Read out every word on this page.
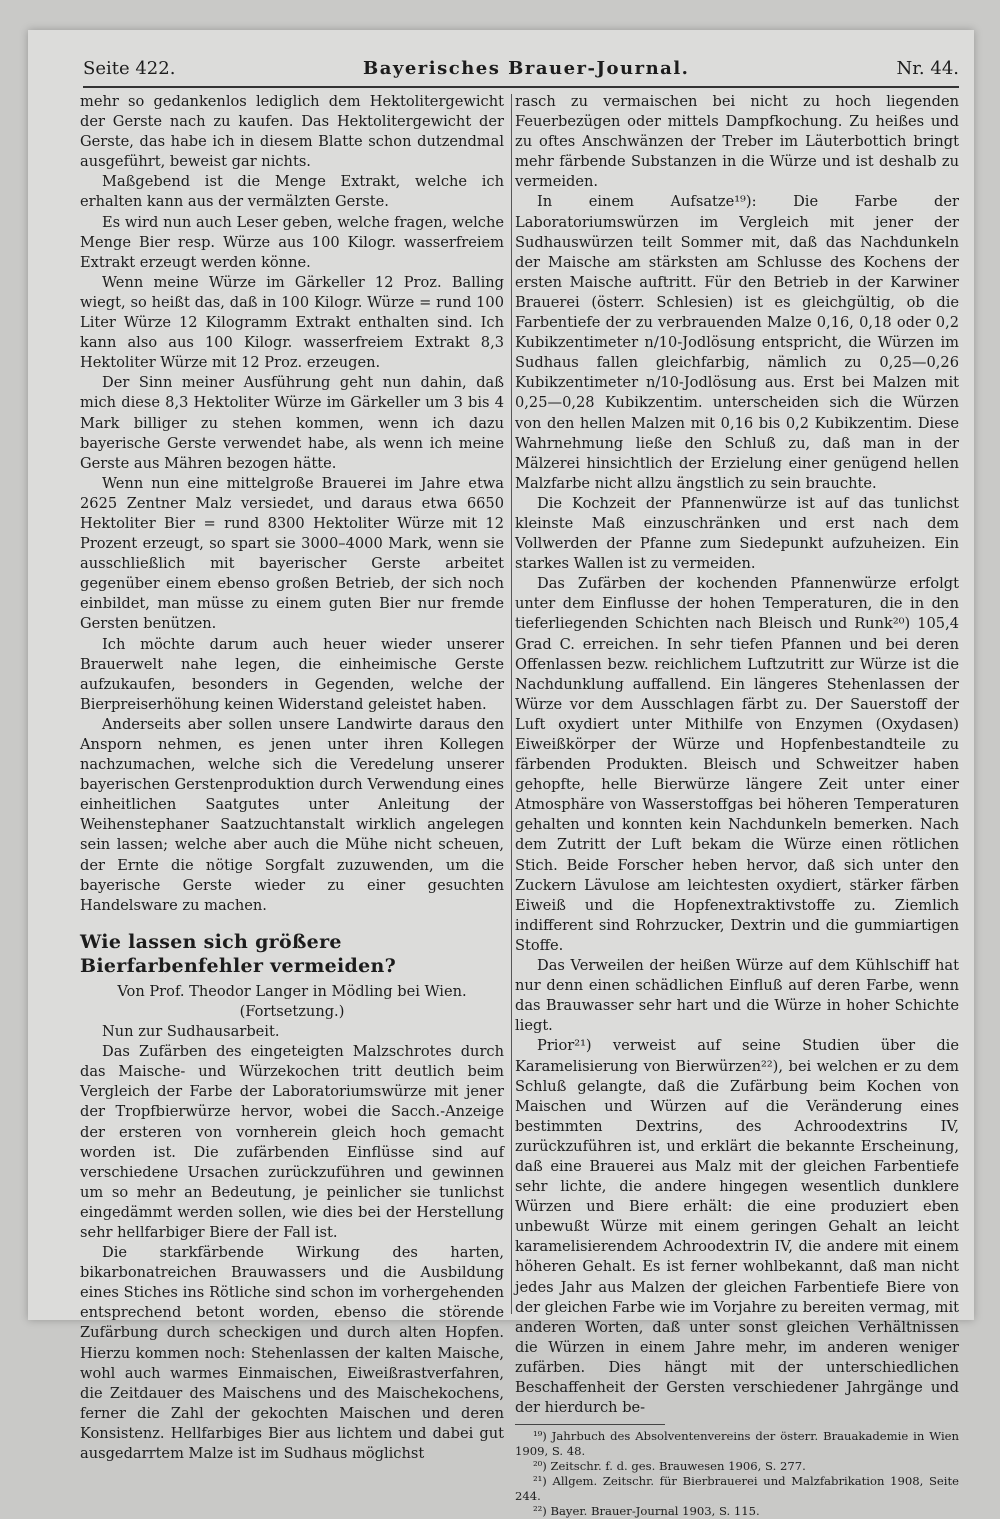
Seite 422.	Bayerisches Brauer-Journal.	Nr. 44.

mehr so gedankenlos lediglich dem Hektolitergewicht der Gerste nach zu kaufen. Das Hektolitergewicht der Gerste, das habe ich in diesem Blatte schon dutzendmal ausgeführt, beweist gar nichts.

Maßgebend ist die Menge Extrakt, welche ich erhalten kann aus der vermälzten Gerste.

Es wird nun auch Leser geben, welche fragen, welche Menge Bier resp. Würze aus 100 Kilogr. wasserfreiem Extrakt erzeugt werden könne.

Wenn meine Würze im Gärkeller 12 Proz. Balling wiegt, so heißt das, daß in 100 Kilogr. Würze = rund 100 Liter Würze 12 Kilogramm Extrakt enthalten sind. Ich kann also aus 100 Kilogr. wasserfreiem Extrakt 8,3 Hektoliter Würze mit 12 Proz. erzeugen.

Der Sinn meiner Ausführung geht nun dahin, daß mich diese 8,3 Hektoliter Würze im Gärkeller um 3 bis 4 Mark billiger zu stehen kommen, wenn ich dazu bayerische Gerste verwendet habe, als wenn ich meine Gerste aus Mähren bezogen hätte.

Wenn nun eine mittelgroße Brauerei im Jahre etwa 2625 Zentner Malz versiedet, und daraus etwa 6650 Hektoliter Bier = rund 8300 Hektoliter Würze mit 12 Prozent erzeugt, so spart sie 3000–4000 Mark, wenn sie ausschließlich mit bayerischer Gerste arbeitet gegenüber einem ebenso großen Betrieb, der sich noch einbildet, man müsse zu einem guten Bier nur fremde Gersten benützen.

Ich möchte darum auch heuer wieder unserer Brauerwelt nahe legen, die einheimische Gerste aufzukaufen, besonders in Gegenden, welche der Bierpreiserhöhung keinen Widerstand geleistet haben.

Anderseits aber sollen unsere Landwirte daraus den Ansporn nehmen, es jenen unter ihren Kollegen nachzumachen, welche sich die Veredelung unserer bayerischen Gerstenproduktion durch Verwendung eines einheitlichen Saatgutes unter Anleitung der Weihenstephaner Saatzuchtanstalt wirklich angelegen sein lassen; welche aber auch die Mühe nicht scheuen, der Ernte die nötige Sorgfalt zuzuwenden, um die bayerische Gerste wieder zu einer gesuchten Handelsware zu machen.

Wie lassen sich größere Bierfarbenfehler vermeiden?

Von Prof. Theodor Langer in Mödling bei Wien.

(Fortsetzung.)

Nun zur Sudhausarbeit.

Das Zufärben des eingeteigten Malzschrotes durch das Maische- und Würzekochen tritt deutlich beim Vergleich der Farbe der Laboratoriumswürze mit jener der Tropfbierwürze hervor, wobei die Sacch.-Anzeige der ersteren von vornherein gleich hoch gemacht worden ist. Die zufärbenden Einflüsse sind auf verschiedene Ursachen zurückzuführen und gewinnen um so mehr an Bedeutung, je peinlicher sie tunlichst eingedämmt werden sollen, wie dies bei der Herstellung sehr hellfarbiger Biere der Fall ist.

Die starkfärbende Wirkung des harten, bikarbonatreichen Brauwassers und die Ausbildung eines Stiches ins Rötliche sind schon im vorhergehenden entsprechend betont worden, ebenso die störende Zufärbung durch scheckigen und durch alten Hopfen. Hierzu kommen noch: Stehenlassen der kalten Maische, wohl auch warmes Einmaischen, Eiweißrastverfahren, die Zeitdauer des Maischens und des Maischekochens, ferner die Zahl der gekochten Maischen und deren Konsistenz. Hellfarbiges Bier aus lichtem und dabei gut ausgedarrtem Malze ist im Sudhaus möglichst

rasch zu vermaischen bei nicht zu hoch liegenden Feuerbezügen oder mittels Dampfkochung. Zu heißes und zu oftes Anschwänzen der Treber im Läuterbottich bringt mehr färbende Substanzen in die Würze und ist deshalb zu vermeiden.

In einem Aufsatze¹⁹): Die Farbe der Laboratoriumswürzen im Vergleich mit jener der Sudhauswürzen teilt Sommer mit, daß das Nachdunkeln der Maische am stärksten am Schlusse des Kochens der ersten Maische auftritt. Für den Betrieb in der Karwiner Brauerei (österr. Schlesien) ist es gleichgültig, ob die Farbentiefe der zu verbrauenden Malze 0,16, 0,18 oder 0,2 Kubikzentimeter n/10-Jodlösung entspricht, die Würzen im Sudhaus fallen gleichfarbig, nämlich zu 0,25—0,26 Kubikzentimeter n/10-Jodlösung aus. Erst bei Malzen mit 0,25—0,28 Kubikzentim. unterscheiden sich die Würzen von den hellen Malzen mit 0,16 bis 0,2 Kubikzentim. Diese Wahrnehmung ließe den Schluß zu, daß man in der Mälzerei hinsichtlich der Erzielung einer genügend hellen Malzfarbe nicht allzu ängstlich zu sein brauchte.

Die Kochzeit der Pfannenwürze ist auf das tunlichst kleinste Maß einzuschränken und erst nach dem Vollwerden der Pfanne zum Siedepunkt aufzuheizen. Ein starkes Wallen ist zu vermeiden.

Das Zufärben der kochenden Pfannenwürze erfolgt unter dem Einflusse der hohen Temperaturen, die in den tieferliegenden Schichten nach Bleisch und Runk²⁰) 105,4 Grad C. erreichen. In sehr tiefen Pfannen und bei deren Offenlassen bezw. reichlichem Luftzutritt zur Würze ist die Nachdunklung auffallend. Ein längeres Stehenlassen der Würze vor dem Ausschlagen färbt zu. Der Sauerstoff der Luft oxydiert unter Mithilfe von Enzymen (Oxydasen) Eiweißkörper der Würze und Hopfenbestandteile zu färbenden Produkten. Bleisch und Schweitzer haben gehopfte, helle Bierwürze längere Zeit unter einer Atmosphäre von Wasserstoffgas bei höheren Temperaturen gehalten und konnten kein Nachdunkeln bemerken. Nach dem Zutritt der Luft bekam die Würze einen rötlichen Stich. Beide Forscher heben hervor, daß sich unter den Zuckern Lävulose am leichtesten oxydiert, stärker färben Eiweiß und die Hopfenextraktivstoffe zu. Ziemlich indifferent sind Rohrzucker, Dextrin und die gummiartigen Stoffe.

Das Verweilen der heißen Würze auf dem Kühlschiff hat nur denn einen schädlichen Einfluß auf deren Farbe, wenn das Brauwasser sehr hart und die Würze in hoher Schichte liegt.

Prior²¹) verweist auf seine Studien über die Karamelisierung von Bierwürzen²²), bei welchen er zu dem Schluß gelangte, daß die Zufärbung beim Kochen von Maischen und Würzen auf die Veränderung eines bestimmten Dextrins, des Achroodextrins IV, zurückzuführen ist, und erklärt die bekannte Erscheinung, daß eine Brauerei aus Malz mit der gleichen Farbentiefe sehr lichte, die andere hingegen wesentlich dunklere Würzen und Biere erhält: die eine produziert eben unbewußt Würze mit einem geringen Gehalt an leicht karamelisierendem Achroodextrin IV, die andere mit einem höheren Gehalt. Es ist ferner wohlbekannt, daß man nicht jedes Jahr aus Malzen der gleichen Farbentiefe Biere von der gleichen Farbe wie im Vorjahre zu bereiten vermag, mit anderen Worten, daß unter sonst gleichen Verhältnissen die Würzen in einem Jahre mehr, im anderen weniger zufärben. Dies hängt mit der unterschiedlichen Beschaffenheit der Gersten verschiedener Jahrgänge und der hierdurch be-

¹⁹) Jahrbuch des Absolventenvereins der österr. Brauakademie in Wien 1909, S. 48.

²⁰) Zeitschr. f. d. ges. Brauwesen 1906, S. 277.

²¹) Allgem. Zeitschr. für Bierbrauerei und Malzfabrikation 1908, Seite 244.

²²) Bayer. Brauer-Journal 1903, S. 115.
